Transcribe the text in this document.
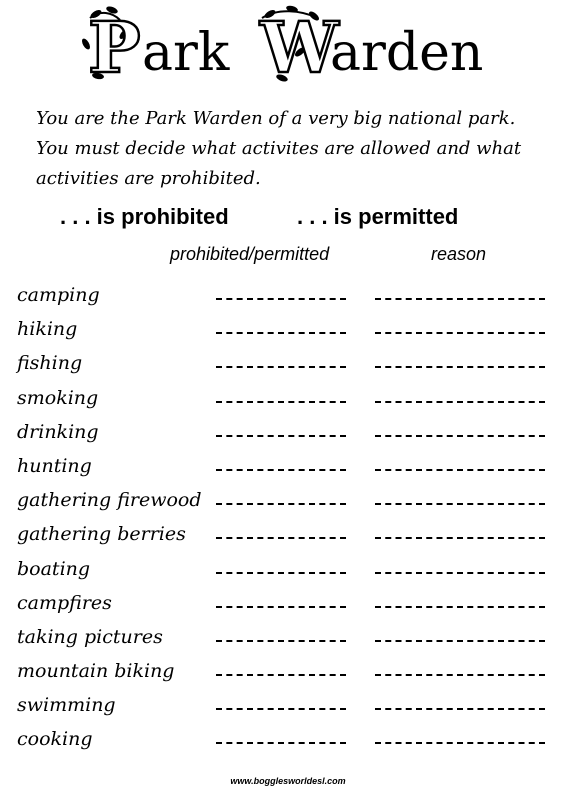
P ark W
arden

You are the Park Warden of a very big national park.
You must decide what activites are allowed and what
activities are prohibited.

. . . is prohibited	. . . is permitted
prohibited/permitted	reason
camping
hiking
fishing
smoking
drinking
hunting
gathering firewood
gathering berries
boating
campfires
taking pictures
mountain biking
swimming
cooking
www.bogglesworldesl.com
